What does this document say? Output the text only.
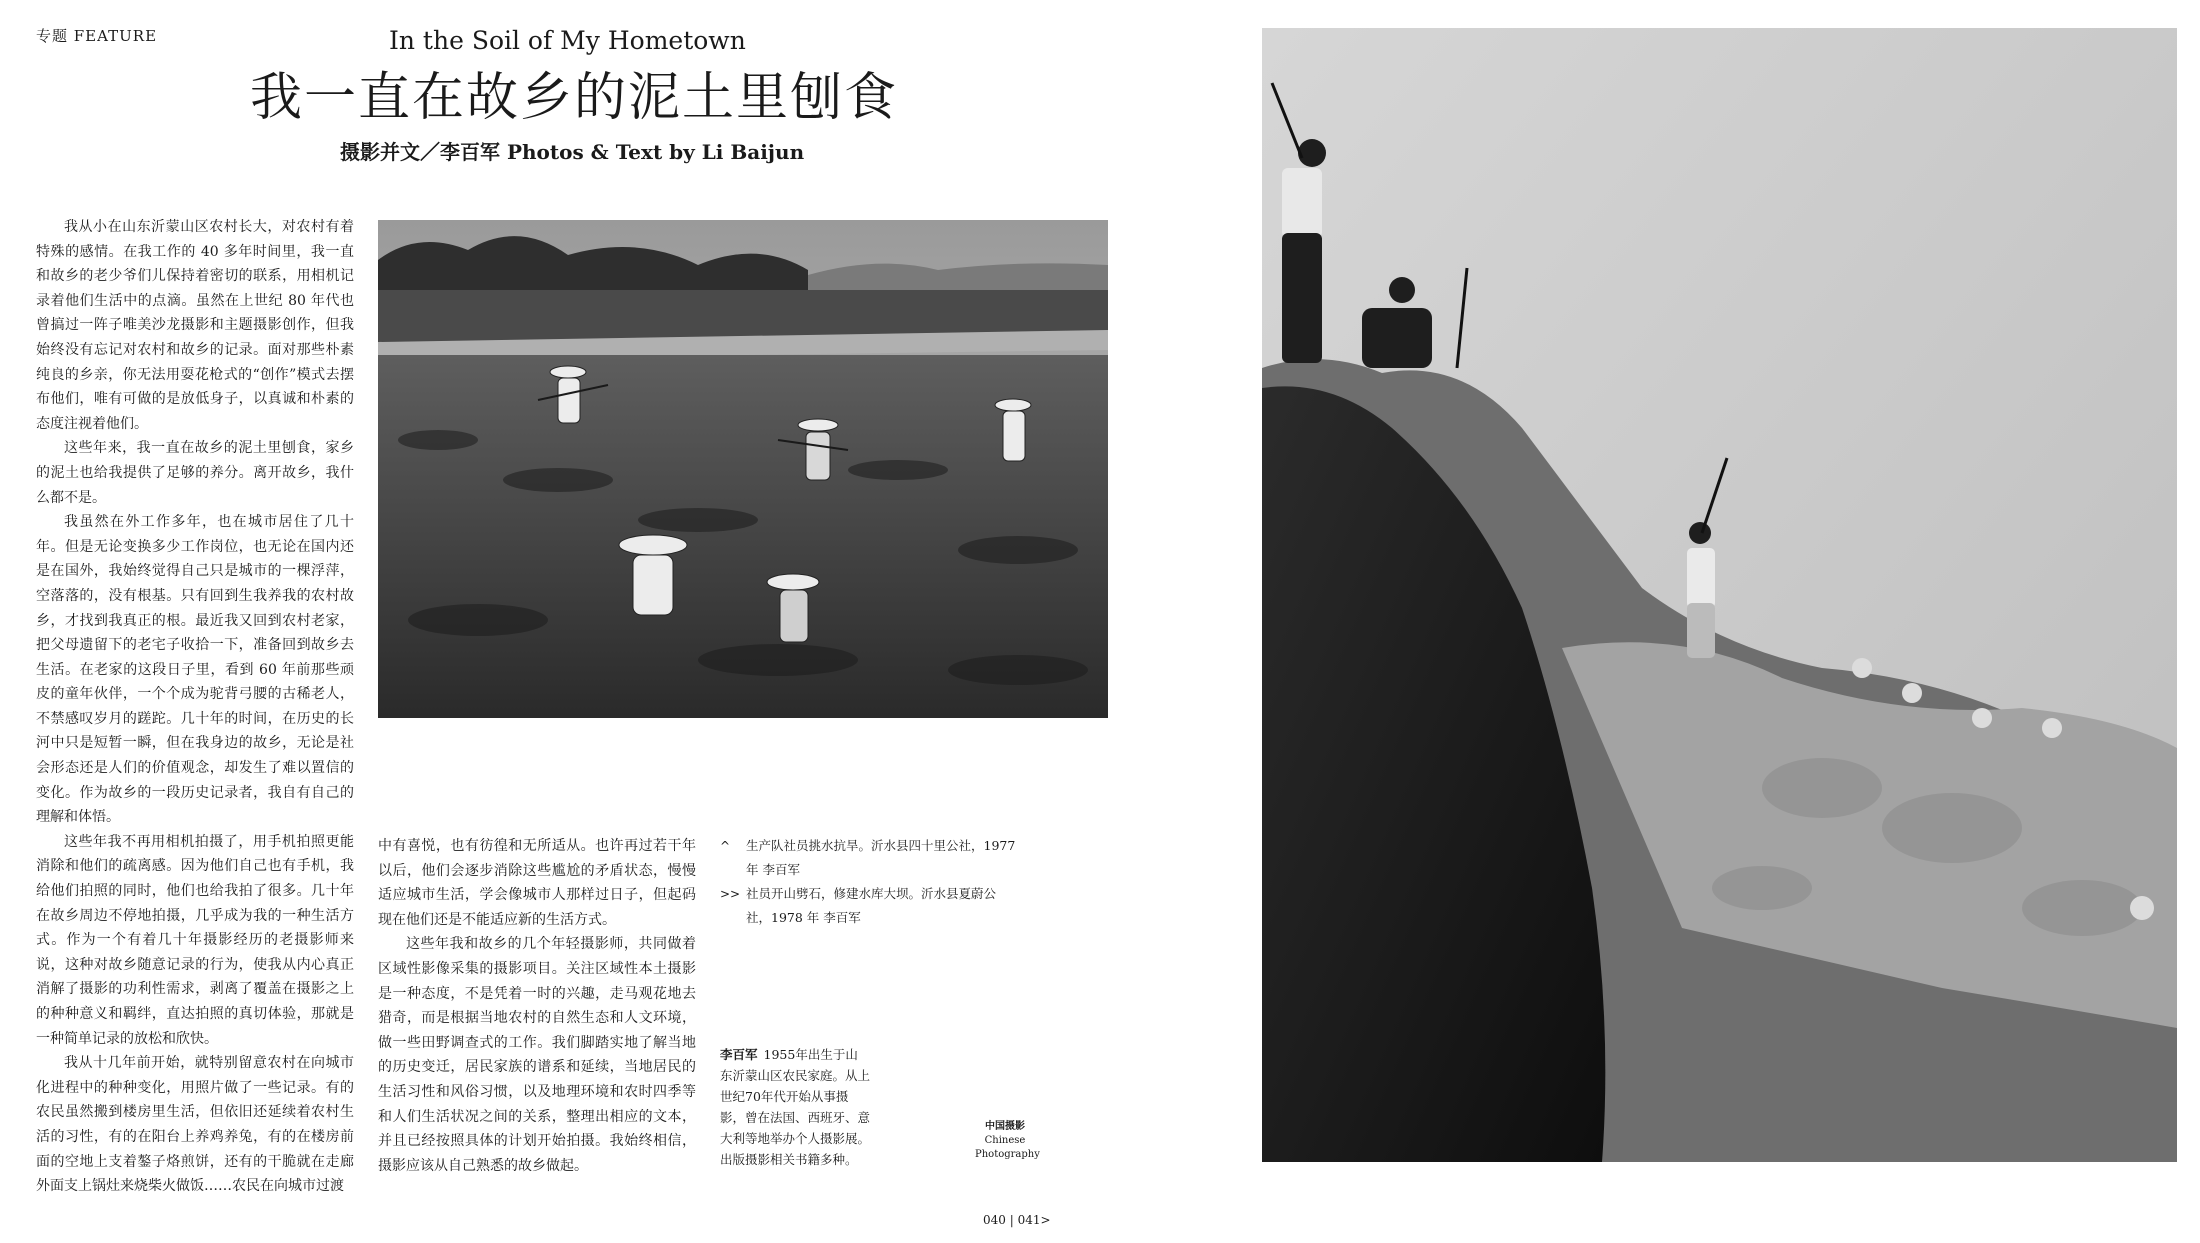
专题 FEATURE	In the Soil of My Hometown
我一直在故乡的泥土里刨食
摄影并文／李百军 Photos & Text by Li Baijun

我从小在山东沂蒙山区农村长大，对农村有着特殊的感情。在我工作的 40 多年时间里，我一直和故乡的老少爷们儿保持着密切的联系，用相机记录着他们生活中的点滴。虽然在上世纪 80 年代也曾搞过一阵子唯美沙龙摄影和主题摄影创作，但我始终没有忘记对农村和故乡的记录。面对那些朴素纯良的乡亲，你无法用耍花枪式的“创作”模式去摆布他们，唯有可做的是放低身子，以真诚和朴素的态度注视着他们。

这些年来，我一直在故乡的泥土里刨食，家乡的泥土也给我提供了足够的养分。离开故乡，我什么都不是。

我虽然在外工作多年，也在城市居住了几十年。但是无论变换多少工作岗位，也无论在国内还是在国外，我始终觉得自己只是城市的一棵浮萍，空落落的，没有根基。只有回到生我养我的农村故乡，才找到我真正的根。最近我又回到农村老家，把父母遗留下的老宅子收拾一下，准备回到故乡去生活。在老家的这段日子里，看到 60 年前那些顽皮的童年伙伴，一个个成为驼背弓腰的古稀老人，不禁感叹岁月的蹉跎。几十年的时间，在历史的长河中只是短暂一瞬，但在我身边的故乡，无论是社会形态还是人们的价值观念，却发生了难以置信的变化。作为故乡的一段历史记录者，我自有自己的理解和体悟。

这些年我不再用相机拍摄了，用手机拍照更能消除和他们的疏离感。因为他们自己也有手机，我给他们拍照的同时，他们也给我拍了很多。几十年在故乡周边不停地拍摄，几乎成为我的一种生活方式。作为一个有着几十年摄影经历的老摄影师来说，这种对故乡随意记录的行为，使我从内心真正消解了摄影的功利性需求，剥离了覆盖在摄影之上的种种意义和羁绊，直达拍照的真切体验，那就是一种简单记录的放松和欣快。

我从十几年前开始，就特别留意农村在向城市化进程中的种种变化，用照片做了一些记录。有的农民虽然搬到楼房里生活，但依旧还延续着农村生活的习性，有的在阳台上养鸡养兔，有的在楼房前面的空地上支着鏊子烙煎饼，还有的干脆就在走廊外面支上锅灶来烧柴火做饭……农民在向城市过渡

中有喜悦，也有彷徨和无所适从。也许再过若干年以后，他们会逐步消除这些尴尬的矛盾状态，慢慢适应城市生活，学会像城市人那样过日子，但起码现在他们还是不能适应新的生活方式。

这些年我和故乡的几个年轻摄影师，共同做着区域性影像采集的摄影项目。关注区域性本土摄影是一种态度，不是凭着一时的兴趣，走马观花地去猎奇，而是根据当地农村的自然生态和人文环境，做一些田野调查式的工作。我们脚踏实地了解当地的历史变迁，居民家族的谱系和延续，当地居民的生活习性和风俗习惯，以及地理环境和农时四季等和人们生活状况之间的关系，整理出相应的文本，并且已经按照具体的计划开始拍摄。我始终相信，摄影应该从自己熟悉的故乡做起。

^	生产队社员挑水抗旱。沂水县四十里公社，1977 年 李百军
>> 社员开山劈石，修建水库大坝。沂水县夏蔚公社，1978 年 李百军
李百军 1955年出生于山东沂蒙山区农民家庭。从上世纪70年代开始从事摄影，曾在法国、西班牙、意大利等地举办个人摄影展。出版摄影相关书籍多种。
中国摄影
Chinese
Photography
040 | 041>
